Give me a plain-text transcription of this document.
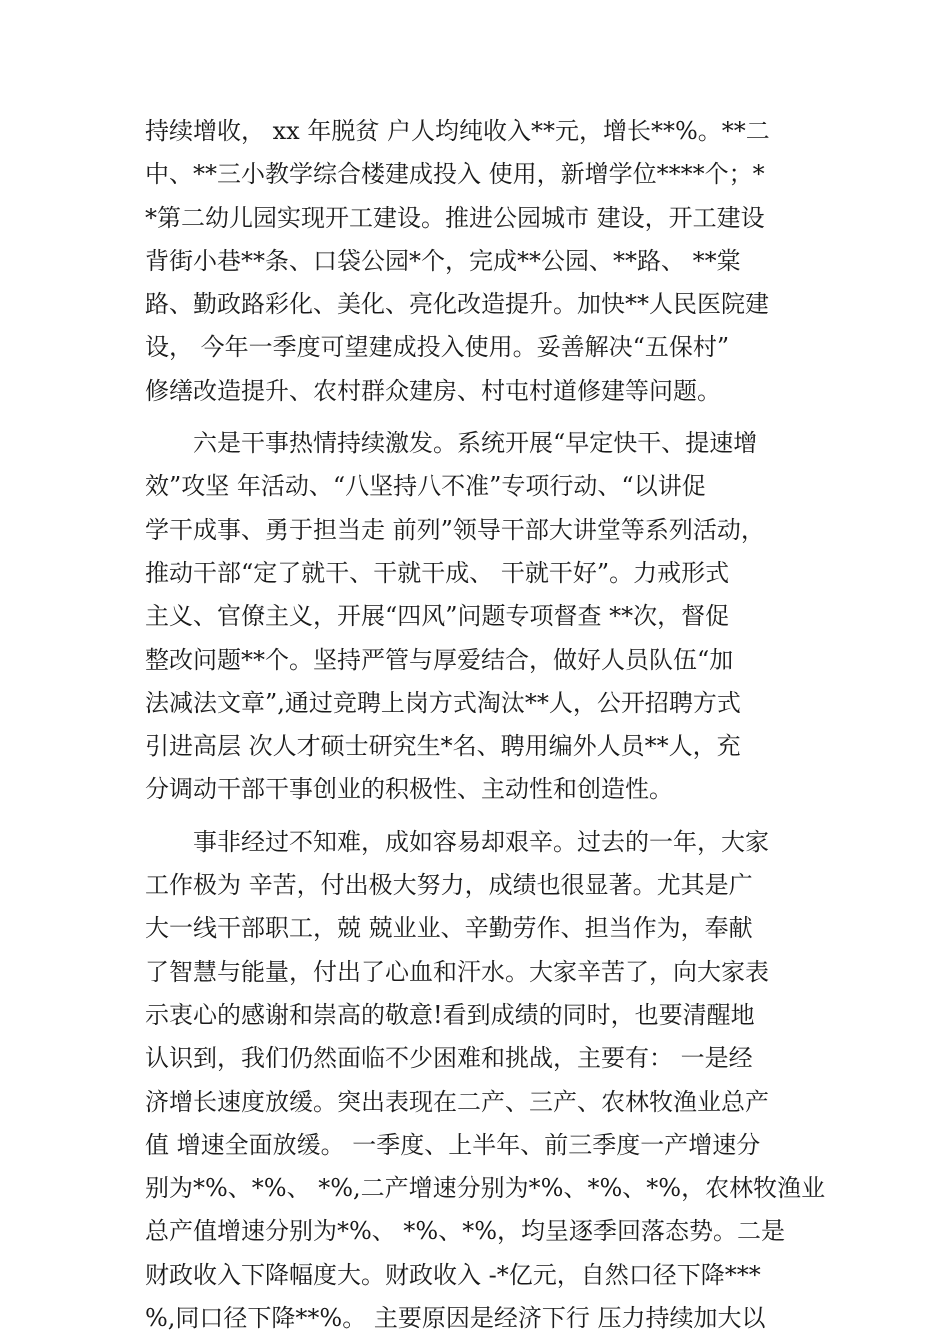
持续增收， xx 年脱贫 户人均纯收入**元，增长**%。**二
中、**三小教学综合楼建成投入 使用，新增学位****个；*
*第二幼儿园实现开工建设。推进公园城市 建设，开工建设
背街小巷**条、口袋公园*个，完成**公园、**路、 **棠
路、勤政路彩化、美化、亮化改造提升。加快**人民医院建
设， 今年一季度可望建成投入使用。妥善解决“五保村”
修缮改造提升、农村群众建房、村屯村道修建等问题。
六是干事热情持续激发。系统开展“早定快干、提速增
效”攻坚 年活动、“八坚持八不准”专项行动、“以讲促
学干成事、勇于担当走 前列”领导干部大讲堂等系列活动，
推动干部“定了就干、干就干成、 干就干好”。力戒形式
主义、官僚主义，开展“四风”问题专项督查 **次，督促
整改问题**个。坚持严管与厚爱结合，做好人员队伍“加
法减法文章”,通过竞聘上岗方式淘汰**人，公开招聘方式
引进高层 次人才硕士研究生*名、聘用编外人员**人，充
分调动干部干事创业的积极性、主动性和创造性。
事非经过不知难，成如容易却艰辛。过去的一年，大家
工作极为 辛苦，付出极大努力，成绩也很显著。尤其是广
大一线干部职工，兢 兢业业、辛勤劳作、担当作为，奉献
了智慧与能量，付出了心血和汗水。大家辛苦了，向大家表
示衷心的感谢和崇高的敬意!看到成绩的同时，也要清醒地
认识到，我们仍然面临不少困难和挑战，主要有： 一是经
济增长速度放缓。突出表现在二产、三产、农林牧渔业总产
值 增速全面放缓。 一季度、上半年、前三季度一产增速分
别为*%、*%、 *%,二产增速分别为*%、*%、*%，农林牧渔业
总产值增速分别为*%、 *%、*%，均呈逐季回落态势。二是
财政收入下降幅度大。财政收入 -*亿元，自然口径下降***
%,同口径下降**%。 主要原因是经济下行 压力持续加大以
